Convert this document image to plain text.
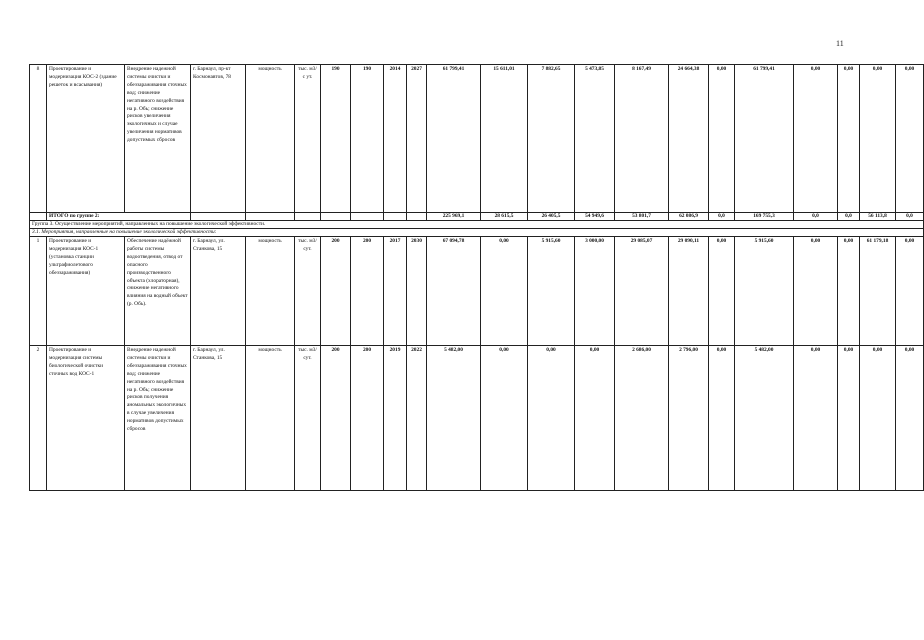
11
8	Проектирование и модернизация КОС-2 (здание решеток и всасывания)	Внедрение надежной системы очистки и обеззараживания сточных вод; снижение негативного воздействия на р. Обь; снижение рисков увеличения экологичных и случае увеличения нормативов допустимых сбросов	г. Барнаул, пр-кт Космонавтов, 78	мощность	тыс. м3/с ут.	190	190	2014	2027	61 799,41	15 611,01	7 882,65	5 473,85	8 167,49	24 664,38	0,00	61 799,41	0,00	0,00	0,00	0,00
	ИТОГО по группе 2:									225 969,1	28 615,5	26 405,5	54 949,6	53 801,7	62 086,9	0,0	169 755,3	0,0	0,0	56 113,8	0,0
Группа 3. Осуществление мероприятий, направленных на повышение экологической эффективности.																					
3.1. Мероприятия, направленные на повышение экологической эффективности:																					
1	Проектирование и модернизация КОС-1 (установка станции ультрафиолетового обеззараживания)	Обеспечение надёжной работы системы водоотведения, отвод от опасного производственного объекта (хлораторная), снижение негативного влияния на водный объект (р. Обь).	г. Барнаул, ул. Станкова, 15	мощность	тыс. м3/ сут.	200	200	2017	2030	67 094,78	0,00	5 915,60	3 000,00	29 085,07	29 090,11	0,00	5 915,60	0,00	0,00	61 179,18	0,00
2	Проектирование и модернизация системы биологической очистки сточных вод КОС-1	Внедрение надежной системы очистки и обеззараживания сточных вод; снижение негативного воздействия на р. Обь; снижение рисков получения аномальных экологичных в случае увеличения нормативов допустимых сбросов	г. Барнаул, ул. Станкова, 15	мощность	тыс. м3/ сут.	200	200	2019	2022	5 482,00	0,00	0,00	0,00	2 686,00	2 796,00	0,00	5 482,00	0,00	0,00	0,00	0,00
